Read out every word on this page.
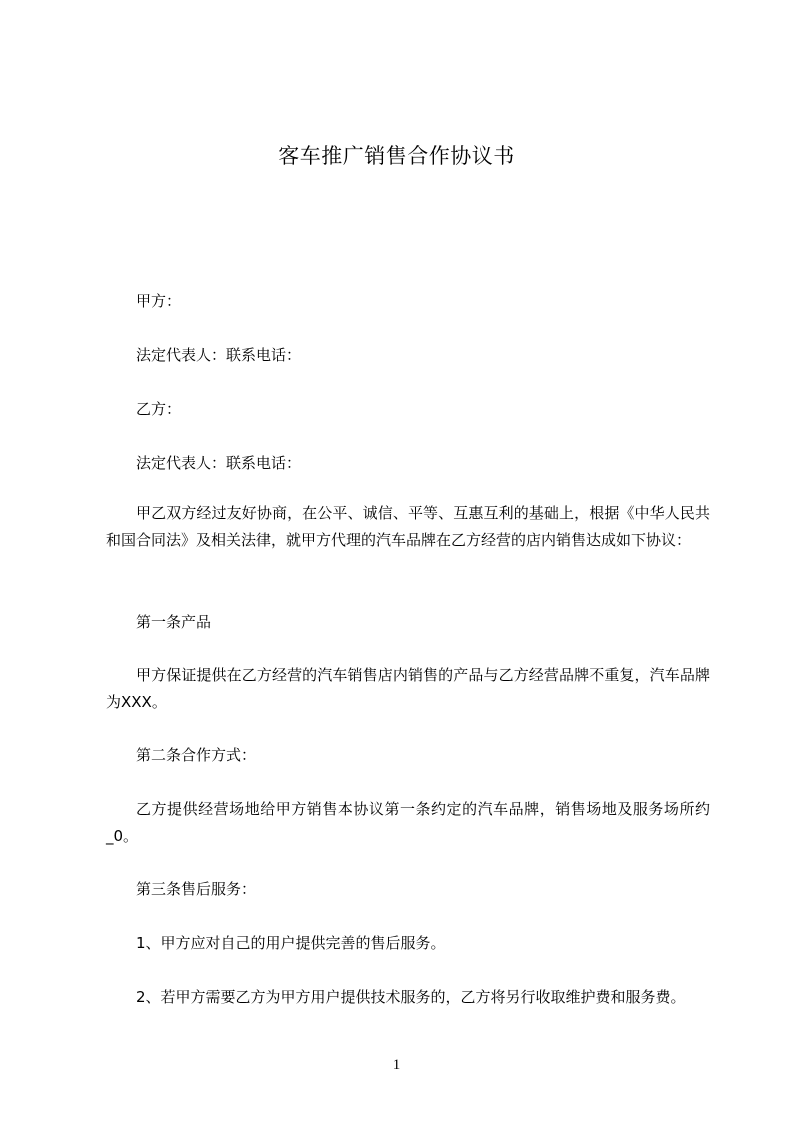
客车推广销售合作协议书
甲方：
法定代表人：联系电话：
乙方：
法定代表人：联系电话：
甲乙双方经过友好协商，在公平、诚信、平等、互惠互利的基础上，根据《中华人民共和国合同法》及相关法律，就甲方代理的汽车品牌在乙方经营的店内销售达成如下协议：
第一条产品
甲方保证提供在乙方经营的汽车销售店内销售的产品与乙方经营品牌不重复，汽车品牌为XXX。
第二条合作方式：
乙方提供经营场地给甲方销售本协议第一条约定的汽车品牌，销售场地及服务场所约_0。
第三条售后服务：
1、甲方应对自己的用户提供完善的售后服务。
2、若甲方需要乙方为甲方用户提供技术服务的，乙方将另行收取维护费和服务费。
1
